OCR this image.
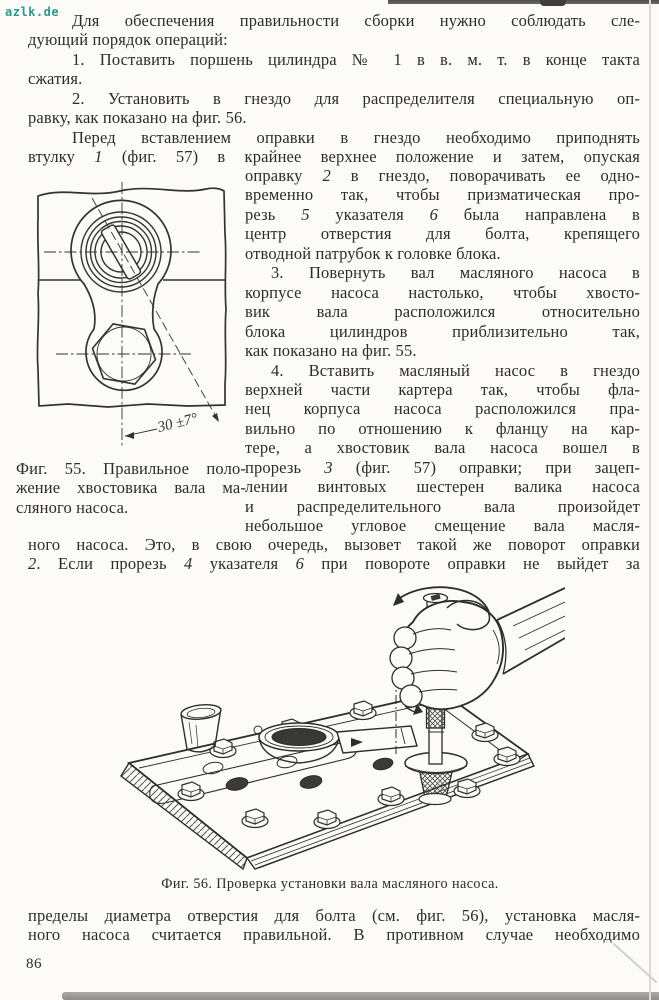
azlk.de Для обеспечения правильности сборки нужно соблюдать сле-
дующий порядок операций:
1. Поставить поршень цилиндра № 1 в в. м. т. в конце такта
сжатия.
2. Установить в гнездо для распределителя специальную оп-
равку, как показано на фиг. 56.
Перед вставлением оправки в гнездо необходимо приподнять
втулку 1 (фиг. 57) в крайнее верхнее положение и затем, опуская
оправку 2 в гнездо, поворачивать ее одно-
временно так, чтобы призматическая про-
резь 5 указателя 6 была направлена в
центр отверстия для болта, крепящего
отводной патрубок к головке блока.
3. Повернуть вал масляного насоса в
корпусе насоса настолько, чтобы хвосто-
вик вала расположился относительно
блока цилиндров приблизительно так,
как показано на фиг. 55.
4. Вставить масляный насос в гнездо
верхней части картера так, чтобы фла-
нец корпуса насоса расположился пра-
вильно по отношению к фланцу на кар-
тере, а хвостовик вала насоса вошел в
прорезь 3 (фиг. 57) оправки; при зацеп-
лении винтовых шестерен валика насоса
и распределительного вала произойдет
небольшое угловое смещение вала масля-
ного насоса. Это, в свою очередь, вызовет такой же поворот оправки
2. Если прорезь 4 указателя 6 при повороте оправки не выйдет за
30 ±7°
Фиг. 55. Правильное поло-
жение хвостовика вала ма-
сляного насоса.
Фиг. 56. Проверка установки вала масляного насоса.
пределы диаметра отверстия для болта (см. фиг. 56), установка масля-
ного насоса считается правильной. В противном случае необходимо
86
